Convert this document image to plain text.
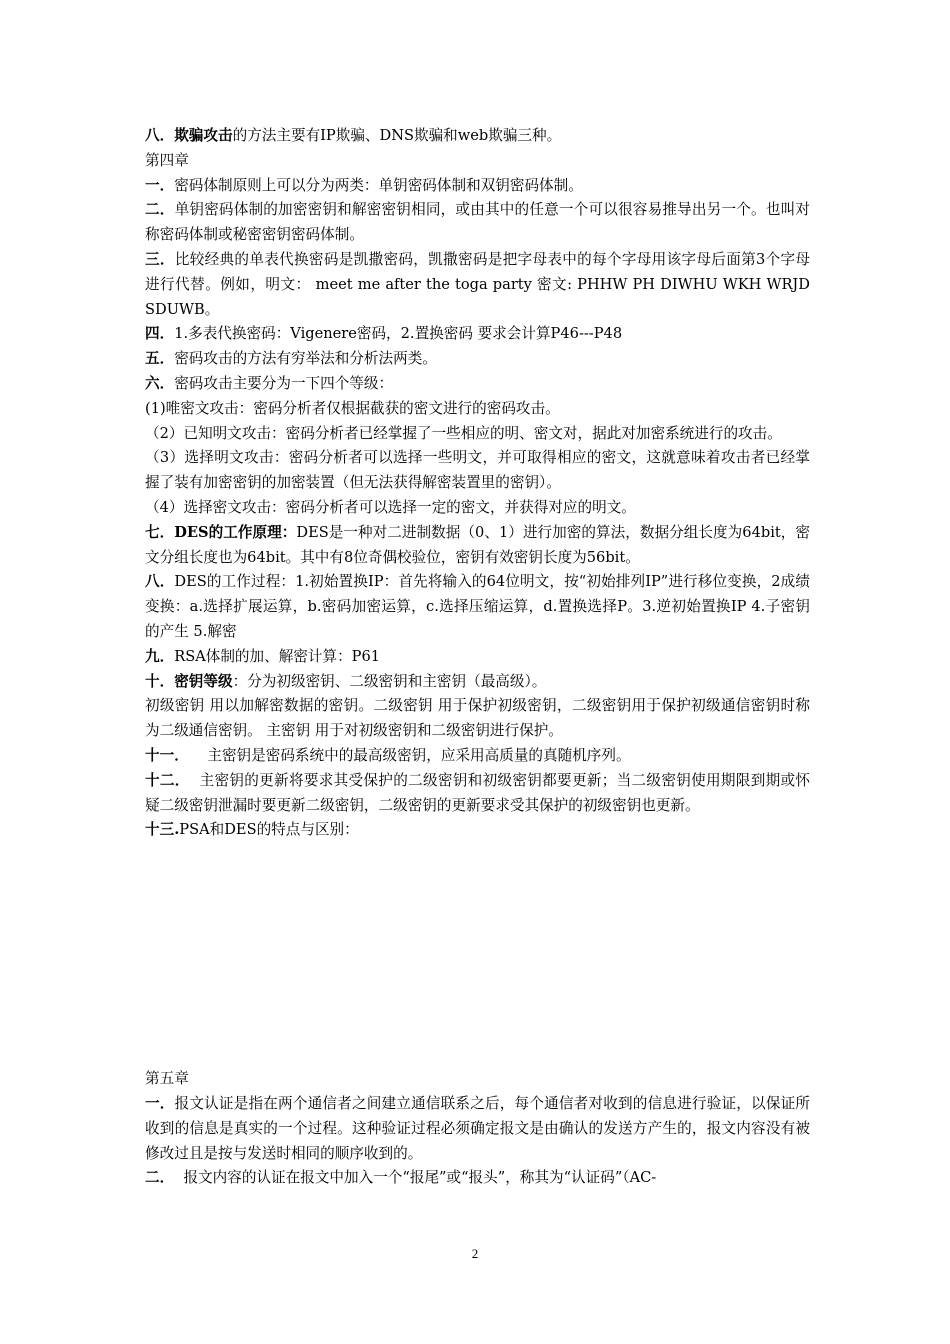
八．欺骗攻击的方法主要有IP欺骗、DNS欺骗和web欺骗三种。

第四章

一．密码体制原则上可以分为两类：单钥密码体制和双钥密码体制。

二．单钥密码体制的加密密钥和解密密钥相同，或由其中的任意一个可以很容易推导出另一个。也叫对称密码体制或秘密密钥密码体制。

三．比较经典的单表代换密码是凯撒密码，凯撒密码是把字母表中的每个字母用该字母后面第3个字母进行代替。例如，明文： meet me after the toga party 密文: PHHW PH DIWHU WKH WRJD SDUWB。

四．1.多表代换密码：Vigenere密码，2.置换密码 要求会计算P46---P48

五．密码攻击的方法有穷举法和分析法两类。

六．密码攻击主要分为一下四个等级：

(1)唯密文攻击：密码分析者仅根据截获的密文进行的密码攻击。

（2）已知明文攻击：密码分析者已经掌握了一些相应的明、密文对，据此对加密系统进行的攻击。

（3）选择明文攻击：密码分析者可以选择一些明文，并可取得相应的密文，这就意味着攻击者已经掌握了装有加密密钥的加密装置（但无法获得解密装置里的密钥）。

（4）选择密文攻击：密码分析者可以选择一定的密文，并获得对应的明文。

七．DES的工作原理：DES是一种对二进制数据（0、1）进行加密的算法，数据分组长度为64bit，密文分组长度也为64bit。其中有8位奇偶校验位，密钥有效密钥长度为56bit。

八．DES的工作过程：1.初始置换IP：首先将输入的64位明文，按“初始排列IP”进行移位变换，2成绩变换：a.选择扩展运算，b.密码加密运算，c.选择压缩运算，d.置换选择P。3.逆初始置换IP 4.子密钥的产生 5.解密

九．RSA体制的加、解密计算：P61

十．密钥等级：分为初级密钥、二级密钥和主密钥（最高级）。

初级密钥 用以加解密数据的密钥。二级密钥 用于保护初级密钥，二级密钥用于保护初级通信密钥时称为二级通信密钥。 主密钥 用于对初级密钥和二级密钥进行保护。

十一．    主密钥是密码系统中的最高级密钥，应采用高质量的真随机序列。

十二．  主密钥的更新将要求其受保护的二级密钥和初级密钥都要更新；当二级密钥使用期限到期或怀疑二级密钥泄漏时要更新二级密钥，二级密钥的更新要求受其保护的初级密钥也更新。

十三.PSA和DES的特点与区别：

第五章

一．报文认证是指在两个通信者之间建立通信联系之后，每个通信者对收到的信息进行验证，以保证所收到的信息是真实的一个过程。这种验证过程必须确定报文是由确认的发送方产生的，报文内容没有被修改过且是按与发送时相同的顺序收到的。

二．  报文内容的认证在报文中加入一个“报尾”或“报头”，称其为“认证码”（AC-

2
